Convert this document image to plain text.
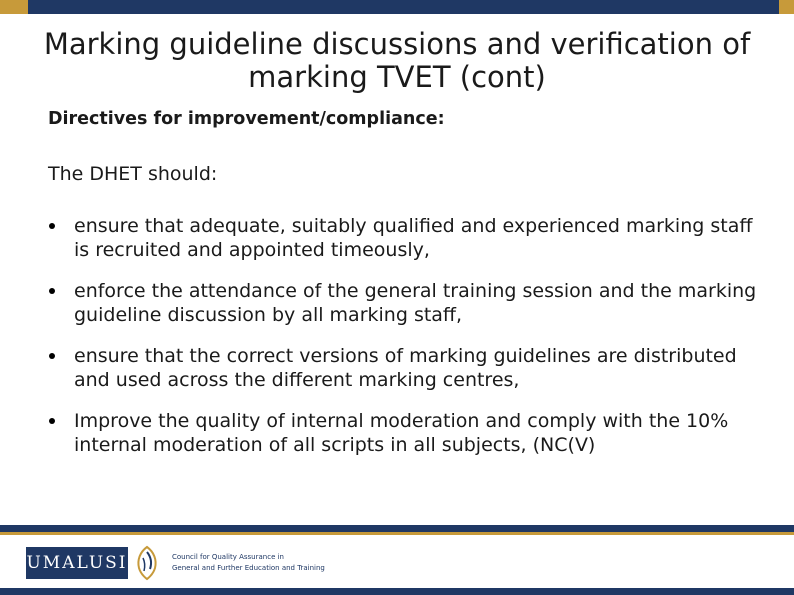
Marking guideline discussions and verification of marking TVET (cont)
Directives for improvement/compliance:
The DHET should:
ensure that adequate, suitably qualified and experienced marking staff is recruited and appointed timeously,
enforce the attendance of the general training session and the marking guideline discussion by all marking staff,
ensure that the correct versions of marking guidelines are distributed and used across the different marking centres,
Improve the quality of internal moderation and comply with the 10% internal moderation of all scripts in all subjects, (NC(V)
UMALUSI	Council for Quality Assurance in
General and Further Education and Training
